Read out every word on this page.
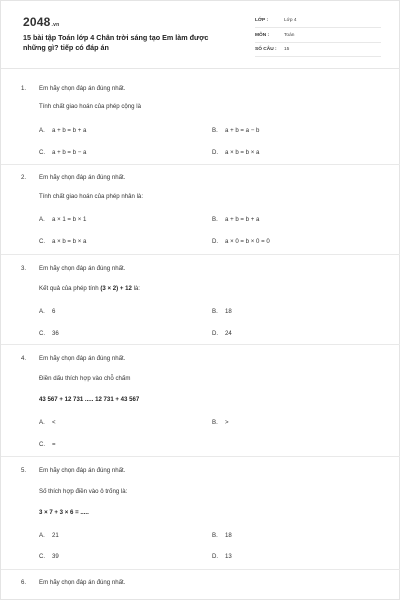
2048.vn
15 bài tập Toán lớp 4 Chân trời sáng tạo Em làm được những gì? tiếp có đáp án
LỚP :	Lớp 4
MÔN :	Toán
SỐ CÂU : 15
1. Em hãy chọn đáp án đúng nhất.
Tính chất giao hoán của phép cộng là
A. a + b = b + a	B. a + b = a − b
C. a + b = b − a	D. a × b = b × a
2. Em hãy chọn đáp án đúng nhất.
Tính chất giao hoán của phép nhân là:
A. a × 1 = b × 1	B. a + b = b + a
C. a × b = b × a	D. a × 0 = b × 0 = 0
3. Em hãy chọn đáp án đúng nhất.
Kết quả của phép tính (3 × 2) + 12 là:
A. 6	B. 18
C. 36	D. 24
4. Em hãy chọn đáp án đúng nhất.
Điền dấu thích hợp vào chỗ chấm
43 567 + 12 731 ..... 12 731 + 43 567
A. <	B. >
C. =
5. Em hãy chọn đáp án đúng nhất.
Số thích hợp điền vào ô trống là:
3 × 7 + 3 × 6 = .....
A. 21	B. 18
C. 39	D. 13
6. Em hãy chọn đáp án đúng nhất.
